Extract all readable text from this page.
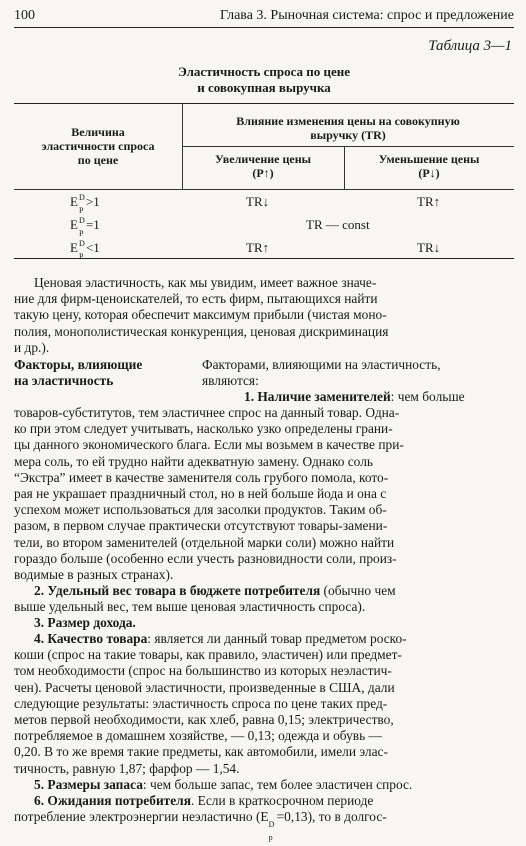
100	Глава 3. Рыночная система: спрос и предложение
Таблица 3—1
Эластичность спроса по цене
и совокупная выручка
Величина
эластичности спроса
по цене
Влияние изменения цены на совокупную
выручку (TR)
Увеличение цены
(P↑)
Уменьшение цены
(P↓)
E D
P
>1	TR↓	TR↑
E D
P
=1	TR — const
E D
P
<1	TR↑	TR↓
Ценовая эластичность, как мы увидим, имеет важное значе-
ние для фирм-ценоискателей, то есть фирм, пытающихся найти
такую цену, которая обеспечит максимум прибыли (чистая моно-
полия, монополистическая конкуренция, ценовая дискриминация
и др.).
Факторы, влияющие
на эластичность
Факторами, влияющими на эластичность,
являются:
1. Наличие заменителей: чем больше
товаров-субститутов, тем эластичнее спрос на данный товар. Одна-
ко при этом следует учитывать, насколько узко определены грани-
цы данного экономического блага. Если мы возьмем в качестве при-
мера соль, то ей трудно найти адекватную замену. Однако соль
“Экстра” имеет в качестве заменителя соль грубого помола, кото-
рая не украшает праздничный стол, но в ней больше йода и она с
успехом может использоваться для засолки продуктов. Таким об-
разом, в первом случае практически отсутствуют товары-замени-
тели, во втором заменителей (отдельной марки соли) можно найти
гораздо больше (особенно если учесть разновидности соли, произ-
водимые в разных странах).
2. Удельный вес товара в бюджете потребителя (обычно чем
выше удельный вес, тем выше ценовая эластичность спроса).
3. Размер дохода.
4. Качество товара: является ли данный товар предметом роско-
коши (спрос на такие товары, как правило, эластичен) или предмет-
том необходимости (спрос на большинство из которых неэластич-
чен). Расчеты ценовой эластичности, произведенные в США, дали
следующие результаты: эластичность спроса по цене таких пред-
метов первой необходимости, как хлеб, равна 0,15; электричество,
потребляемое в домашнем хозяйстве, — 0,13; одежда и обувь —
0,20. В то же время такие предметы, как автомобили, имели элас-
тичность, равную 1,87; фарфор — 1,54.
5. Размеры запаса: чем больше запас, тем более эластичен спрос.
6. Ожидания потребителя. Если в краткосрочном периоде
потребление электроэнергии неэластично (E
D
p
=0,13), то в долгос-
